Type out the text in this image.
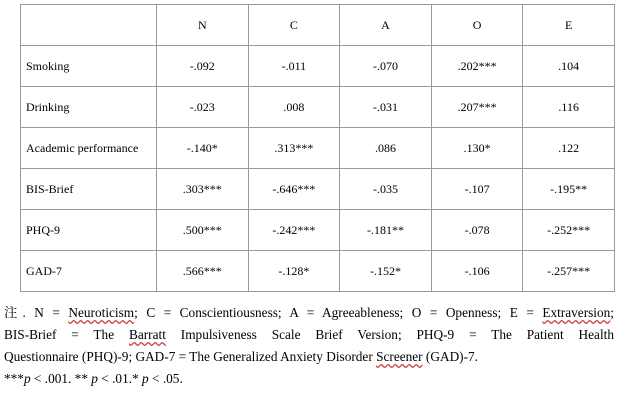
	N	C	A	O	E
Smoking	-.092	-.011	-.070	.202***	.104
Drinking	-.023	.008	-.031	.207***	.116
Academic performance	-.140*	.313***	.086	.130*	.122
BIS-Brief	.303***	-.646***	-.035	-.107	-.195**
PHQ-9	.500***	-.242***	-.181**	-.078	-.252***
GAD-7	.566***	-.128*	-.152*	-.106	-.257***
注. N = Neuroticism; C = Conscientiousness; A = Agreeableness; O = Openness; E = Extraversion;
BIS-Brief = The Barratt Impulsiveness Scale Brief Version; PHQ-9 = The Patient Health
Questionnaire (PHQ)-9; GAD-7 = The Generalized Anxiety Disorder Screener (GAD)-7.
***p < .001. ** p < .01.* p < .05.
